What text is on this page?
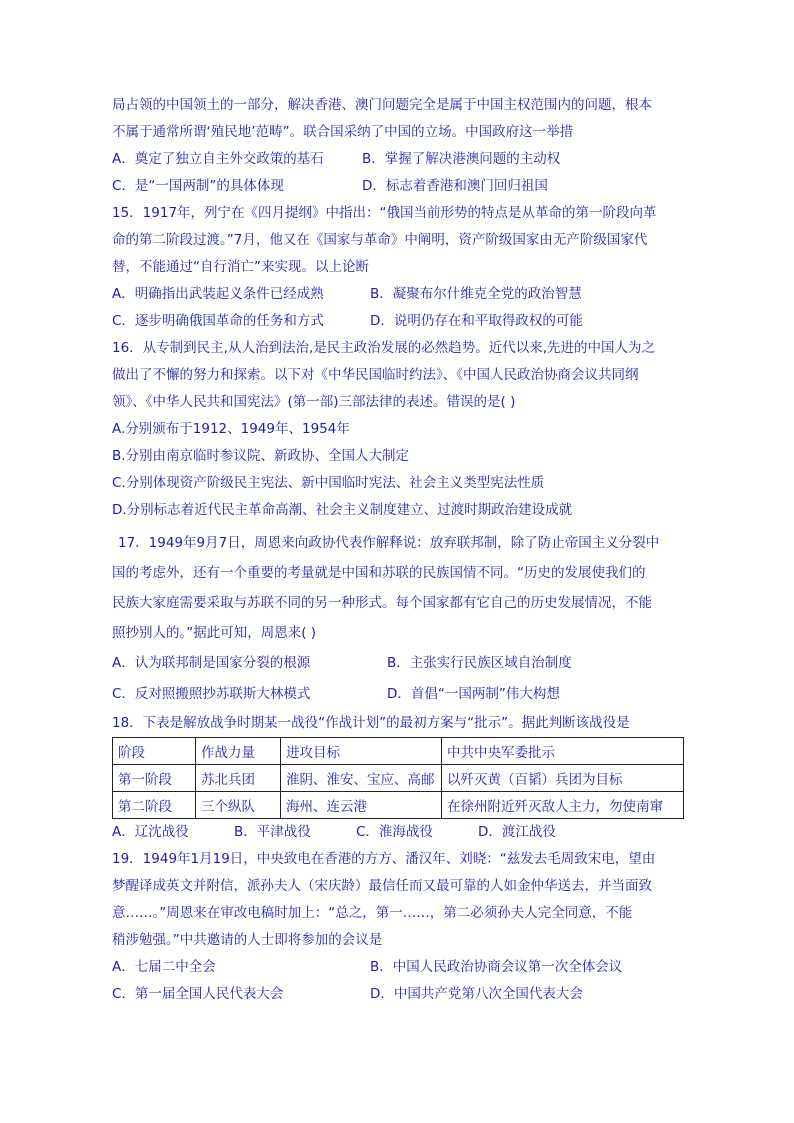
局占领的中国领土的一部分，解决香港、澳门问题完全是属于中国主权范围内的问题，根本
不属于通常所谓‘殖民地’范畴”。联合国采纳了中国的立场。中国政府这一举措
A．奠定了独立自主外交政策的基石	B．掌握了解决港澳问题的主动权
C．是“一国两制”的具体体现	D．标志着香港和澳门回归祖国
15．1917年，列宁在《四月提纲》中指出：“俄国当前形势的特点是从革命的第一阶段向革
命的第二阶段过渡。”7月，他又在《国家与革命》中阐明，资产阶级国家由无产阶级国家代
替，不能通过“自行消亡”来实现。以上论断
A．明确指出武装起义条件已经成熟	B．凝聚布尔什维克全党的政治智慧
C．逐步明确俄国革命的任务和方式	D．说明仍存在和平取得政权的可能
16．从专制到民主,从人治到法治,是民主政治发展的必然趋势。近代以来,先进的中国人为之
做出了不懈的努力和探索。以下对《中华民国临时约法》、《中国人民政治协商会议共同纲
领》、《中华人民共和国宪法》(第一部)三部法律的表述。错误的是( )
A.分别颁布于1912、1949年、1954年
B.分别由南京临时参议院、新政协、全国人大制定
C.分别体现资产阶级民主宪法、新中国临时宪法、社会主义类型宪法性质
D.分别标志着近代民主革命高潮、社会主义制度建立、过渡时期政治建设成就
17．1949年9月7日，周恩来向政协代表作解释说：放弃联邦制，除了防止帝国主义分裂中
国的考虑外，还有一个重要的考量就是中国和苏联的民族国情不同。“历史的发展使我们的
民族大家庭需要采取与苏联不同的另一种形式。每个国家都有它自己的历史发展情况，不能
照抄别人的。”据此可知，周恩来( )
A．认为联邦制是国家分裂的根源	B．主张实行民族区域自治制度
C．反对照搬照抄苏联斯大林模式	D．首倡“一国两制”伟大构想
18．下表是解放战争时期某一战役“作战计划”的最初方案与“批示”。据此判断该战役是
阶段	作战力量	进攻目标	中共中央军委批示
第一阶段	苏北兵团	淮阴、淮安、宝应、高邮	以歼灭黄（百韬）兵团为目标
第二阶段	三个纵队	海州、连云港	在徐州附近歼灭敌人主力，勿使南窜
A．辽沈战役	B．平津战役	C．淮海战役	D．渡江战役
19．1949年1月19日，中央致电在香港的方方、潘汉年、刘晓：“兹发去毛周致宋电，望由
梦醒译成英文并附信，派孙夫人（宋庆龄）最信任而又最可靠的人如金仲华送去，并当面致
意……。”周恩来在审改电稿时加上：“总之，第一……，第二必须孙夫人完全同意，不能
稍涉勉强。”中共邀请的人士即将参加的会议是
A．七届二中全会	B．中国人民政治协商会议第一次全体会议
C．第一届全国人民代表大会	D．中国共产党第八次全国代表大会
